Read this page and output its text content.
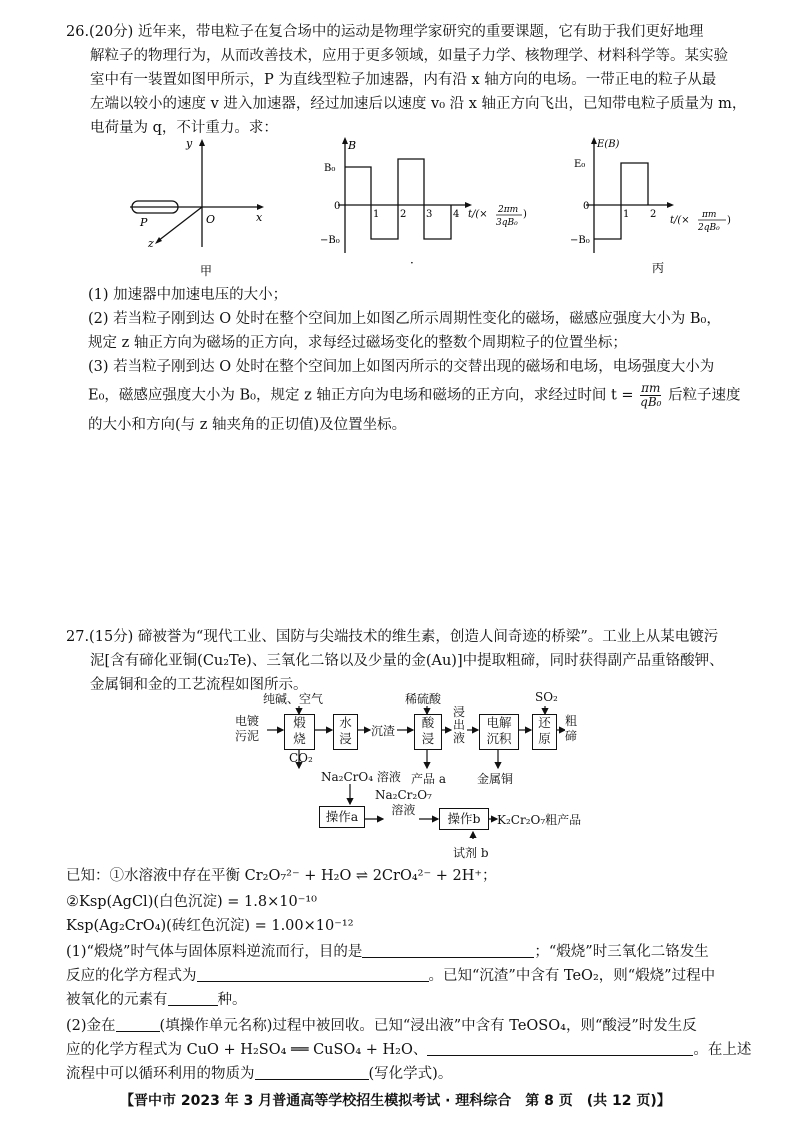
26.(20分) 近年来，带电粒子在复合场中的运动是物理学家研究的重要课题，它有助于我们更好地理
解粒子的物理行为，从而改善技术，应用于更多领域，如量子力学、核物理学、材料科学等。某实验
室中有一装置如图甲所示，P 为直线型粒子加速器，内有沿 x 轴方向的电场。一带正电的粒子从最
左端以较小的速度 v 进入加速器，经过加速后以速度 v₀ 沿 x 轴正方向飞出，已知带电粒子质量为 m，
电荷量为 q，不计重力。求：
y
x
z
P	O
甲
B
B₀
0
−B₀
1 2 3 4 t/(× 2πm
3qB₀
)
·
E(B)
E₀
0
−B₀
1 2
t/(× πm
2qB₀
)
丙
(1) 加速器中加速电压的大小；
(2) 若当粒子刚到达 O 处时在整个空间加上如图乙所示周期性变化的磁场，磁感应强度大小为 B₀，
规定 z 轴正方向为磁场的正方向，求每经过磁场变化的整数个周期粒子的位置坐标；
(3) 若当粒子刚到达 O 处时在整个空间加上如图丙所示的交替出现的磁场和电场，电场强度大小为
E₀，磁感应强度大小为 B₀，规定 z 轴正方向为电场和磁场的正方向，求经过时间 $t = \frac{\pi m}{\text{qB₀}}$ 后粒子速度
的大小和方向(与 z 轴夹角的正切值)及位置坐标。
27.(15分) 碲被誉为“现代工业、国防与尖端技术的维生素，创造人间奇迹的桥梁”。工业上从某电镀污
泥[含有碲化亚铜(Cu₂Te)、三氧化二铬以及少量的金(Au)]中提取粗碲，同时获得副产品重铬酸钾、
金属铜和金的工艺流程如图所示。
电镀
污泥
纯碱、空气
煅
烧
水
浸	沉渣
稀硫酸
酸
浸
浸
出
液
电解
沉积
SO₂
还
原
CO₂
Na₂CrO₄ 溶液 产品 a	金属铜
操作a
Na₂Cr₂O₇
溶液
操作b	K₂Cr₂O₇粗产品
试剂 b
粗
碲
已知：①水溶液中存在平衡 Cr₂O₇²⁻ + H₂O ⇌ 2CrO₄²⁻ + 2H⁺；
②Ksp(AgCl)(白色沉淀) = 1.8×10⁻¹⁰
Ksp(Ag₂CrO₄)(砖红色沉淀) = 1.00×10⁻¹²
(1)“煅烧”时气体与固体原料逆流而行，目的是	；“煅烧”时三氧化二铬发生
反应的化学方程式为	。已知“沉渣”中含有 TeO₂，则“煅烧”过程中
被氧化的元素有	种。
(2)金在	(填操作单元名称)过程中被回收。已知“浸出液”中含有 TeOSO₄，则“酸浸”时发生反
应的化学方程式为 CuO + H₂SO₄ ══ CuSO₄ + H₂O、	。在上述
流程中可以循环利用的物质为	(写化学式)。
【晋中市 2023 年 3 月普通高等学校招生模拟考试 · 理科综合　第 8 页　(共 12 页)】
